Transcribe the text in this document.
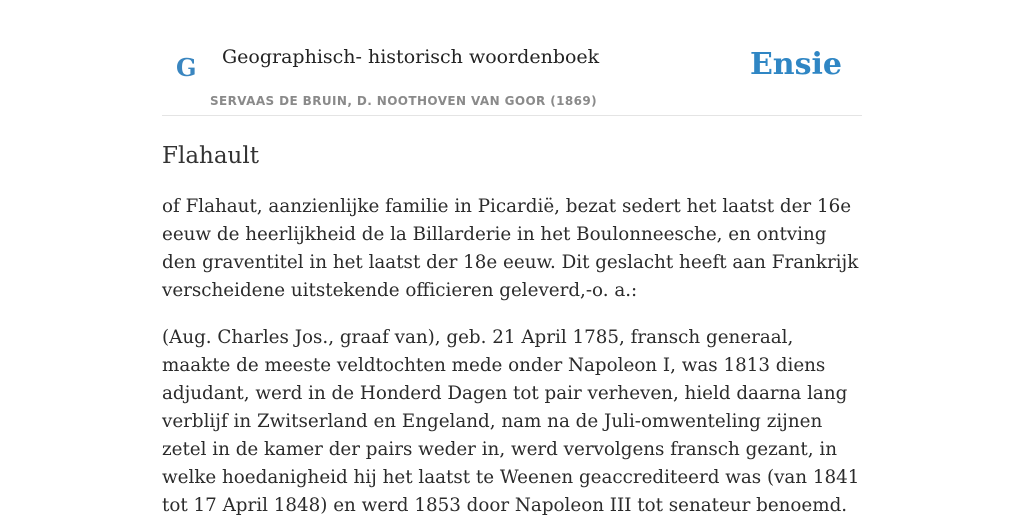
G Geographisch- historisch woordenboek
SERVAAS DE BRUIN, D. NOOTHOVEN VAN GOOR (1869)
Ensie
Flahault

of Flahaut, aanzienlijke familie in Picardië, bezat sedert het laatst der 16e eeuw de heerlijkheid de la Billarderie in het Boulonneesche, en ontving den graventitel in het laatst der 18e eeuw. Dit geslacht heeft aan Frankrijk verscheidene uitstekende officieren geleverd,-o. a.:

(Aug. Charles Jos., graaf van), geb. 21 April 1785, fransch generaal, maakte de meeste veldtochten mede onder Napoleon I, was 1813 diens adjudant, werd in de Honderd Dagen tot pair verheven, hield daarna lang verblijf in Zwitserland en Engeland, nam na de Juli-omwenteling zijnen zetel in de kamer der pairs weder in, werd vervolgens fransch gezant, in welke hoedanigheid hij het laatst te Weenen geaccrediteerd was (van 1841 tot 17 April 1848) en werd 1853 door Napoleon III tot senateur benoemd.
